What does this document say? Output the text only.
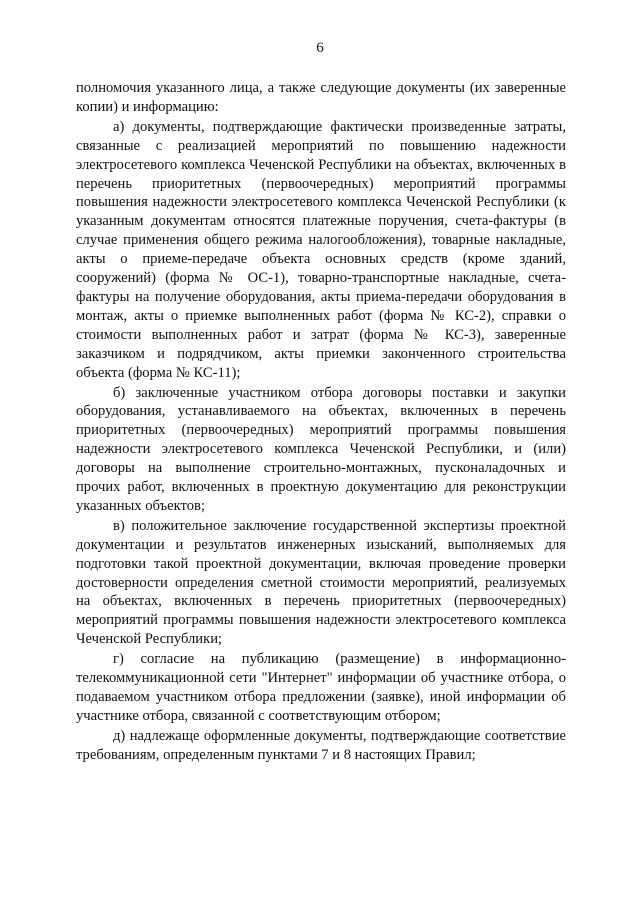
6

полномочия указанного лица, а также следующие документы (их заверенные копии) и информацию:

а) документы, подтверждающие фактически произведенные затраты, связанные с реализацией мероприятий по повышению надежности электросетевого комплекса Чеченской Республики на объектах, включенных в перечень приоритетных (первоочередных) мероприятий программы повышения надежности электросетевого комплекса Чеченской Республики (к указанным документам относятся платежные поручения, счета-фактуры (в случае применения общего режима налогообложения), товарные накладные, акты о приеме-передаче объекта основных средств (кроме зданий, сооружений) (форма № ОС-1), товарно-транспортные накладные, счета-фактуры на получение оборудования, акты приема-передачи оборудования в монтаж, акты о приемке выполненных работ (форма № КС-2), справки о стоимости выполненных работ и затрат (форма № КС-3), заверенные заказчиком и подрядчиком, акты приемки законченного строительства объекта (форма № КС-11);

б) заключенные участником отбора договоры поставки и закупки оборудования, устанавливаемого на объектах, включенных в перечень приоритетных (первоочередных) мероприятий программы повышения надежности электросетевого комплекса Чеченской Республики, и (или) договоры на выполнение строительно-монтажных, пусконаладочных и прочих работ, включенных в проектную документацию для реконструкции указанных объектов;

в) положительное заключение государственной экспертизы проектной документации и результатов инженерных изысканий, выполняемых для подготовки такой проектной документации, включая проведение проверки достоверности определения сметной стоимости мероприятий, реализуемых на объектах, включенных в перечень приоритетных (первоочередных) мероприятий программы повышения надежности электросетевого комплекса Чеченской Республики;

г) согласие на публикацию (размещение) в информационно-телекоммуникационной сети "Интернет" информации об участнике отбора, о подаваемом участником отбора предложении (заявке), иной информации об участнике отбора, связанной с соответствующим отбором;

д) надлежаще оформленные документы, подтверждающие соответствие требованиям, определенным пунктами 7 и 8 настоящих Правил;
